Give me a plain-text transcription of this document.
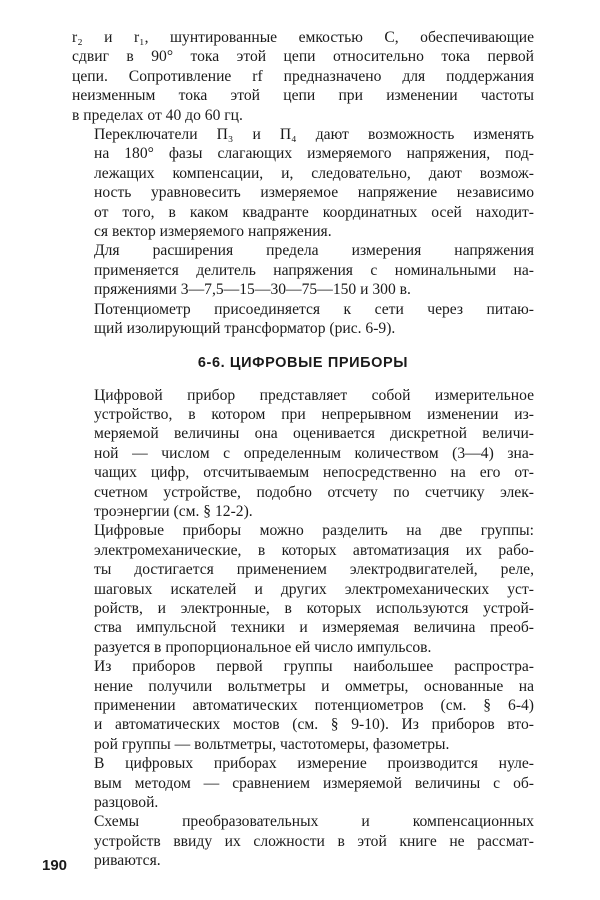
r₂ и r₁, шунтированные емкостью C, обеспечивающие
сдвиг в 90° тока этой цепи относительно тока первой
цепи. Сопротивление rf предназначено для поддержания
неизменным тока этой цепи при изменении частоты
в пределах от 40 до 60 гц.

Переключатели П₃ и П₄ дают возможность изменять
на 180° фазы слагающих измеряемого напряжения, под-
лежащих компенсации, и, следовательно, дают возмож-
ность уравновесить измеряемое напряжение независимо
от того, в каком квадранте координатных осей находит-
ся вектор измеряемого напряжения.

Для расширения предела измерения напряжения
применяется делитель напряжения с номинальными на-
пряжениями 3—7,5—15—30—75—150 и 300 в.

Потенциометр присоединяется к сети через питаю-
щий изолирующий трансформатор (рис. 6-9).

6-6. ЦИФРОВЫЕ ПРИБОРЫ

Цифровой прибор представляет собой измерительное
устройство, в котором при непрерывном изменении из-
меряемой величины она оценивается дискретной величи-
ной — числом с определенным количеством (3—4) зна-
чащих цифр, отсчитываемым непосредственно на его от-
счетном устройстве, подобно отсчету по счетчику элек-
троэнергии (см. § 12-2).

Цифровые приборы можно разделить на две группы:
электромеханические, в которых автоматизация их рабо-
ты достигается применением электродвигателей, реле,
шаговых искателей и других электромеханических уст-
ройств, и электронные, в которых используются устрой-
ства импульсной техники и измеряемая величина преоб-
разуется в пропорциональное ей число импульсов.

Из приборов первой группы наибольшее распростра-
нение получили вольтметры и омметры, основанные на
применении автоматических потенциометров (см. § 6-4)
и автоматических мостов (см. § 9-10). Из приборов вто-
рой группы — вольтметры, частотомеры, фазометры.

В цифровых приборах измерение производится нуле-
вым методом — сравнением измеряемой величины с об-
разцовой.

Схемы преобразовательных и компенсационных
устройств ввиду их сложности в этой книге не рассмат-
риваются.

190
